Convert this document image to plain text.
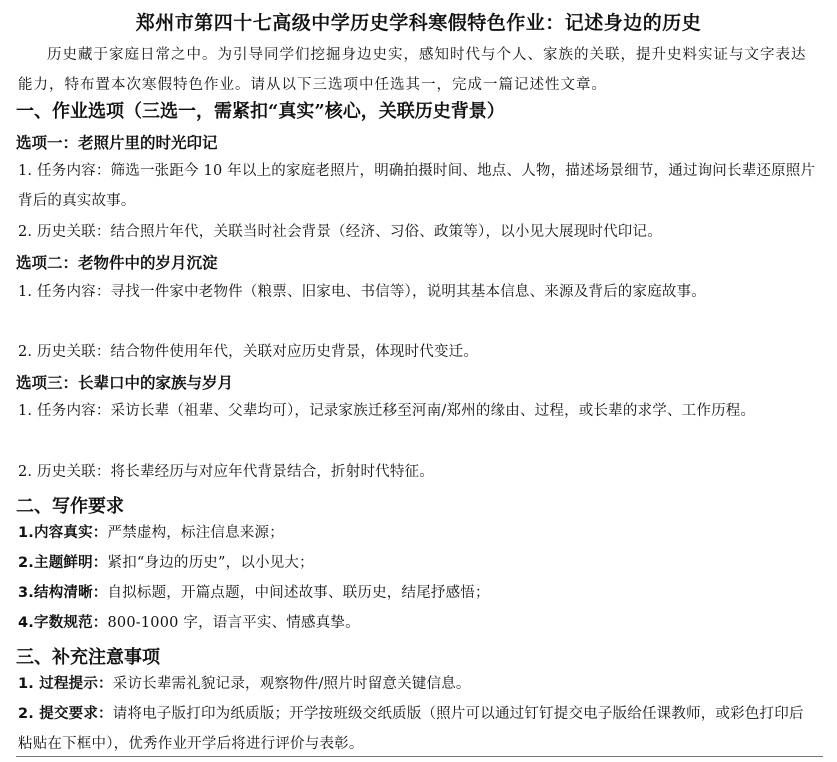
郑州市第四十七高级中学历史学科寒假特色作业：记述身边的历史
历史藏于家庭日常之中。为引导同学们挖掘身边史实，感知时代与个人、家族的关联，提升史料实证与文字表达能力，特布置本次寒假特色作业。请从以下三选项中任选其一，完成一篇记述性文章。
一、作业选项（三选一，需紧扣“真实”核心，关联历史背景）
选项一：老照片里的时光印记
1. 任务内容：筛选一张距今 10 年以上的家庭老照片，明确拍摄时间、地点、人物，描述场景细节，通过询问长辈还原照片背后的真实故事。
2. 历史关联：结合照片年代，关联当时社会背景（经济、习俗、政策等），以小见大展现时代印记。
选项二：老物件中的岁月沉淀
1. 任务内容：寻找一件家中老物件（粮票、旧家电、书信等），说明其基本信息、来源及背后的家庭故事。
2. 历史关联：结合物件使用年代，关联对应历史背景，体现时代变迁。
选项三：长辈口中的家族与岁月
1. 任务内容：采访长辈（祖辈、父辈均可），记录家族迁移至河南/郑州的缘由、过程，或长辈的求学、工作历程。
2. 历史关联：将长辈经历与对应年代背景结合，折射时代特征。
二、写作要求
1.内容真实：严禁虚构，标注信息来源；
2.主题鲜明：紧扣“身边的历史”，以小见大；
3.结构清晰：自拟标题，开篇点题，中间述故事、联历史，结尾抒感悟；
4.字数规范：800-1000 字，语言平实、情感真挚。
三、补充注意事项
1. 过程提示：采访长辈需礼貌记录，观察物件/照片时留意关键信息。
2. 提交要求：请将电子版打印为纸质版；开学按班级交纸质版（照片可以通过钉钉提交电子版给任课教师，或彩色打印后粘贴在下框中），优秀作业开学后将进行评价与表彰。
